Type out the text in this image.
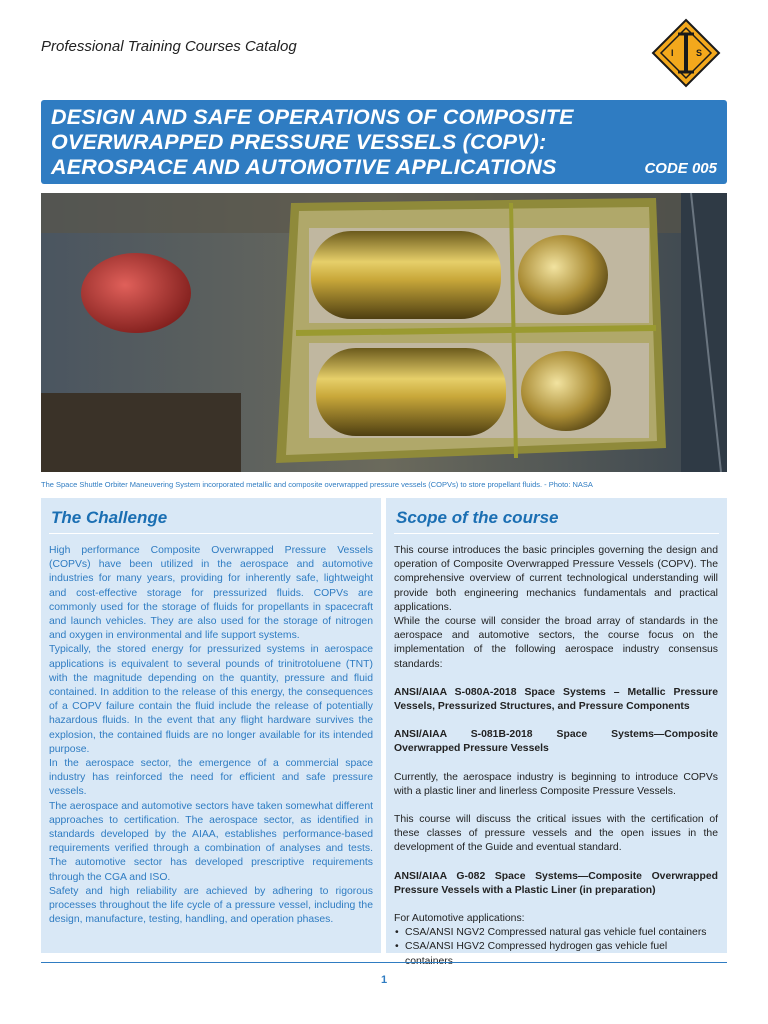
Professional Training Courses Catalog	I S
DESIGN AND SAFE OPERATIONS OF COMPOSITE
OVERWRAPPED PRESSURE VESSELS (COPV):
AEROSPACE AND AUTOMOTIVE APPLICATIONS	CODE 005
The Space Shuttle Orbiter Maneuvering System incorporated metallic and composite overwrapped pressure vessels (COPVs) to store propellant fluids. - Photo: NASA
The Challenge

High performance Composite Overwrapped Pressure Vessels (COPVs) have been utilized in the aerospace and automotive industries for many years, providing for inherently safe, lightweight and cost-effective storage for pressurized fluids. COPVs are commonly used for the storage of fluids for propellants in spacecraft and launch vehicles. They are also used for the storage of nitrogen and oxygen in environmental and life support systems.

Typically, the stored energy for pressurized systems in aerospace applications is equivalent to several pounds of trinitrotoluene (TNT) with the magnitude depending on the quantity, pressure and fluid contained. In addition to the release of this energy, the consequences of a COPV failure contain the fluid include the release of potentially hazardous fluids. In the event that any flight hardware survives the explosion, the contained fluids are no longer available for its intended purpose.

In the aerospace sector, the emergence of a commercial space industry has reinforced the need for efficient and safe pressure vessels.

The aerospace and automotive sectors have taken somewhat different approaches to certification. The aerospace sector, as identified in standards developed by the AIAA, establishes performance-based requirements verified through a combination of analyses and tests. The automotive sector has developed prescriptive requirements through the CGA and ISO.

Safety and high reliability are achieved by adhering to rigorous processes throughout the life cycle of a pressure vessel, including the design, manufacture, testing, handling, and operation phases.

Scope of the course

This course introduces the basic principles governing the design and operation of Composite Overwrapped Pressure Vessels (COPV). The comprehensive overview of current technological understanding will provide both engineering mechanics fundamentals and practical applications.

While the course will consider the broad array of standards in the aerospace and automotive sectors, the course focus on the implementation of the following aerospace industry consensus standards:

ANSI/AIAA S-080A-2018 Space Systems – Metallic Pressure Vessels, Pressurized Structures, and Pressure Components

ANSI/AIAA S-081B-2018 Space Systems—Composite Overwrapped Pressure Vessels

Currently, the aerospace industry is beginning to introduce COPVs with a plastic liner and linerless Composite Pressure Vessels.

This course will discuss the critical issues with the certification of these classes of pressure vessels and the open issues in the development of the Guide and eventual standard.

ANSI/AIAA G-082 Space Systems—Composite Overwrapped Pressure Vessels with a Plastic Liner (in preparation)

For Automotive applications:

• CSA/ANSI NGV2 Compressed natural gas vehicle fuel containers
• CSA/ANSI HGV2 Compressed hydrogen gas vehicle fuel
1
